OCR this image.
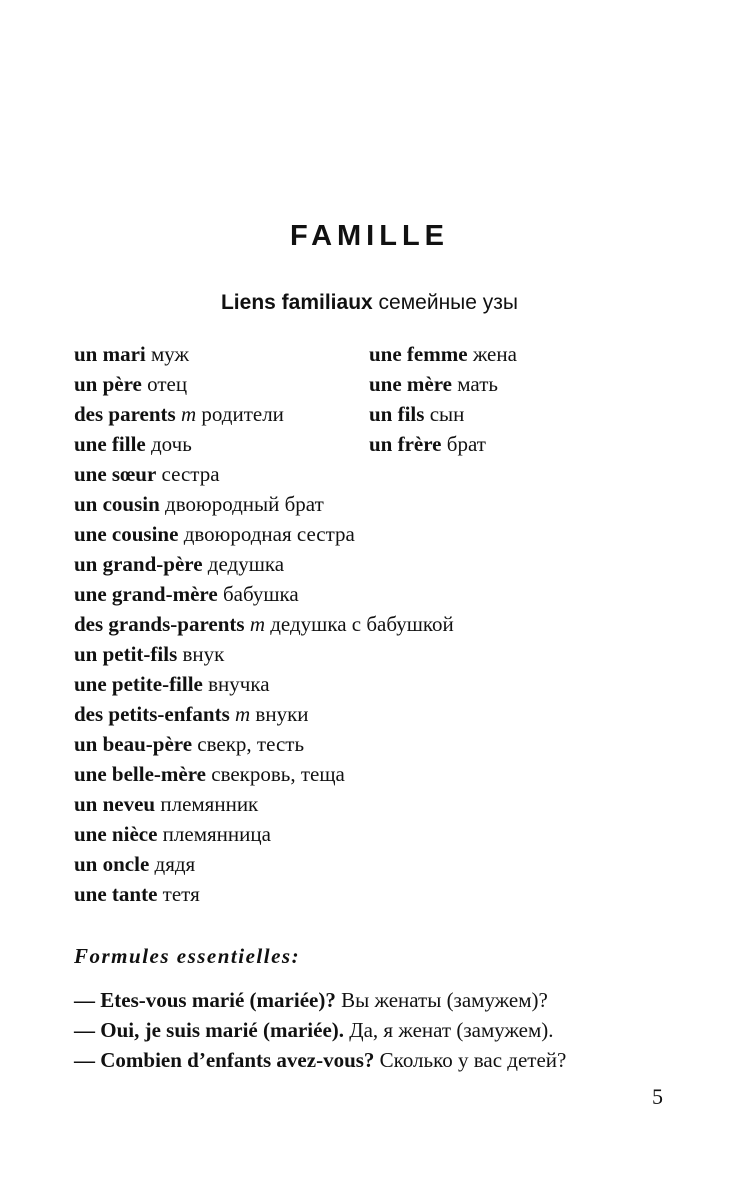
FAMILLE
Liens familiaux семейные узы
un mari муж	une femme жена
un père отец	une mère мать
des parents m родители	un fils сын
une fille дочь	un frère брат
une sœur сестра
un cousin двоюродный брат
une cousine двоюродная сестра
un grand-père дедушка
une grand-mère бабушка
des grands-parents m дедушка с бабушкой
un petit-fils внук
une petite-fille внучка
des petits-enfants m внуки
un beau-père свекр, тесть
une belle-mère свекровь, теща
un neveu племянник
une nièce племянница
un oncle дядя
une tante тетя
Formules essentielles:
— Etes-vous marié (mariée)? Вы женаты (замужем)?
— Oui, je suis marié (mariée). Да, я женат (замужем).
— Combien d’enfants avez-vous? Сколько у вас детей?
5
